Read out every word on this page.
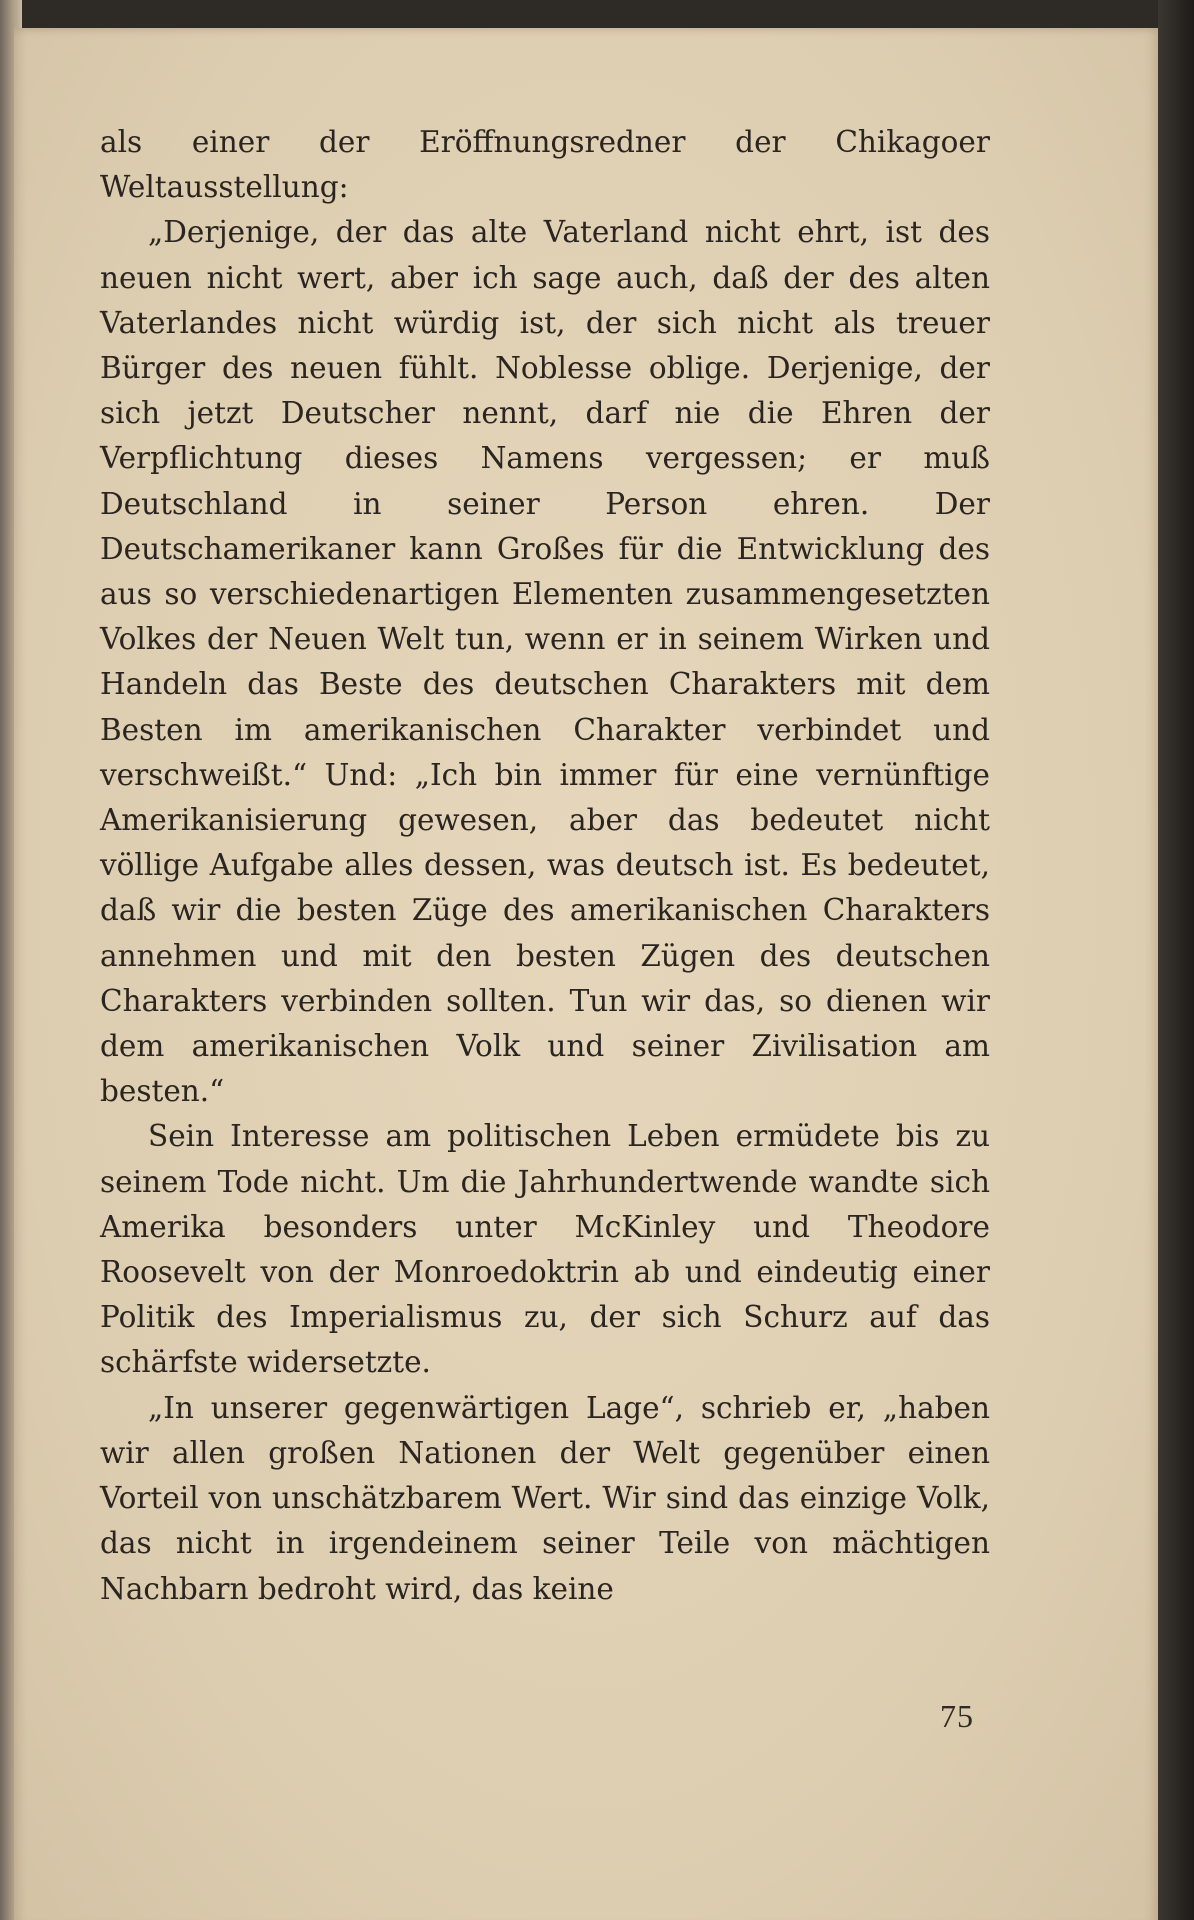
als einer der Eröffnungsredner der Chikagoer Weltausstellung:

„Derjenige, der das alte Vaterland nicht ehrt, ist des neuen nicht wert, aber ich sage auch, daß der des alten Vaterlandes nicht würdig ist, der sich nicht als treuer Bürger des neuen fühlt. Noblesse oblige. Derjenige, der sich jetzt Deutscher nennt, darf nie die Ehren der Verpflichtung dieses Namens vergessen; er muß Deutschland in seiner Person ehren. Der Deutschamerikaner kann Großes für die Entwicklung des aus so verschiedenartigen Elementen zusammengesetzten Volkes der Neuen Welt tun, wenn er in seinem Wirken und Handeln das Beste des deutschen Charakters mit dem Besten im amerikanischen Charakter verbindet und verschweißt.“ Und: „Ich bin immer für eine vernünftige Amerikanisierung gewesen, aber das bedeutet nicht völlige Aufgabe alles dessen, was deutsch ist. Es bedeutet, daß wir die besten Züge des amerikanischen Charakters annehmen und mit den besten Zügen des deutschen Charakters verbinden sollten. Tun wir das, so dienen wir dem amerikanischen Volk und seiner Zivilisation am besten.“

Sein Interesse am politischen Leben ermüdete bis zu seinem Tode nicht. Um die Jahrhundertwende wandte sich Amerika besonders unter McKinley und Theodore Roosevelt von der Monroedoktrin ab und eindeutig einer Politik des Imperialismus zu, der sich Schurz auf das schärfste widersetzte.

„In unserer gegenwärtigen Lage“, schrieb er, „haben wir allen großen Nationen der Welt gegenüber einen Vorteil von unschätzbarem Wert. Wir sind das einzige Volk, das nicht in irgendeinem seiner Teile von mächtigen Nachbarn bedroht wird, das keine

75
